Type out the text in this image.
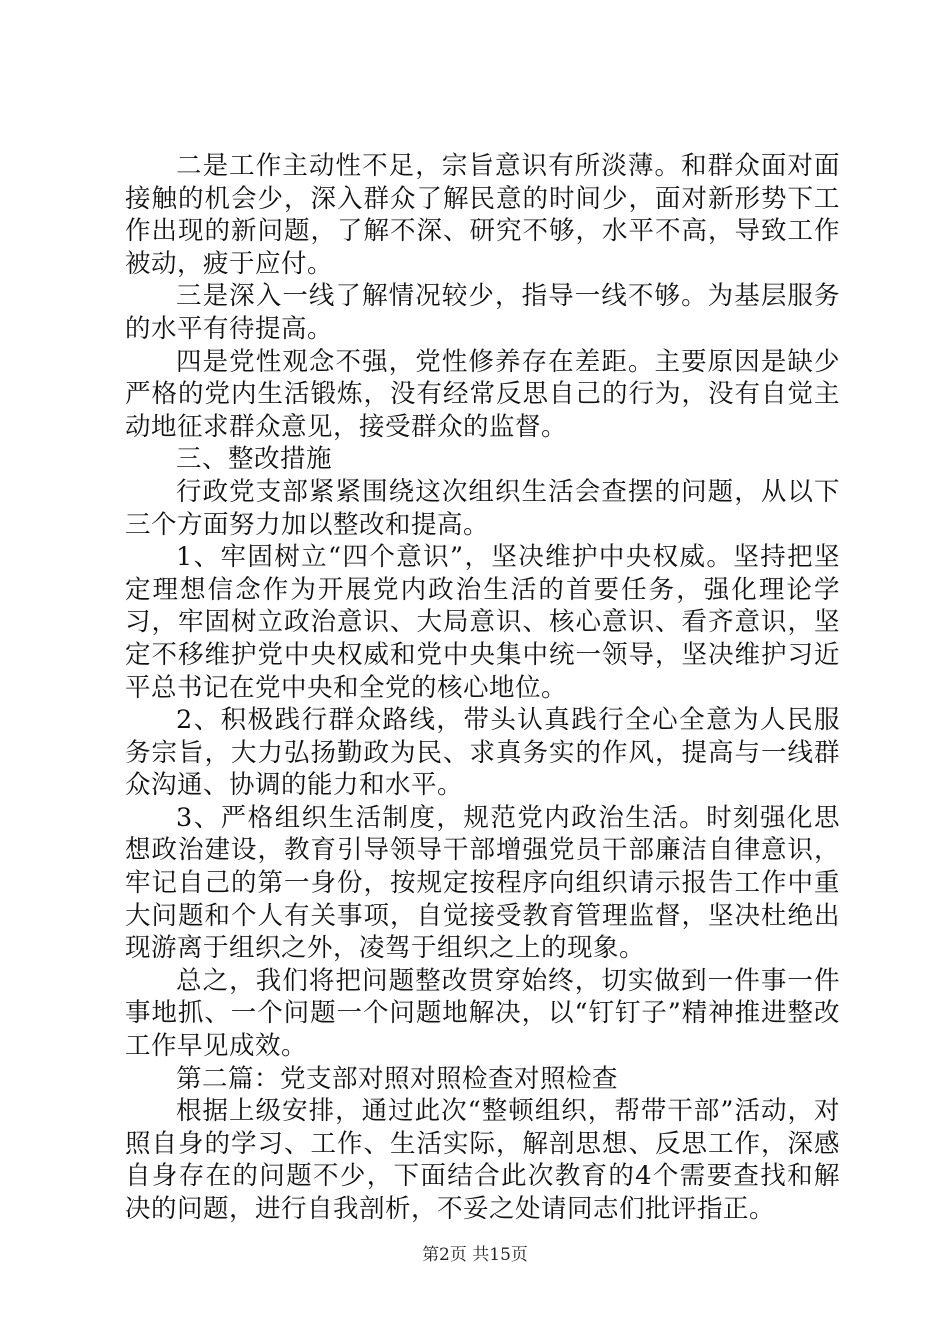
二是工作主动性不足，宗旨意识有所淡薄。和群众面对面接触的机会少，深入群众了解民意的时间少，面对新形势下工作出现的新问题，了解不深、研究不够，水平不高，导致工作被动，疲于应付。

三是深入一线了解情况较少，指导一线不够。为基层服务的水平有待提高。

四是党性观念不强，党性修养存在差距。主要原因是缺少严格的党内生活锻炼，没有经常反思自己的行为，没有自觉主动地征求群众意见，接受群众的监督。

三、整改措施

行政党支部紧紧围绕这次组织生活会查摆的问题，从以下三个方面努力加以整改和提高。

1、牢固树立“四个意识”，坚决维护中央权威。坚持把坚定理想信念作为开展党内政治生活的首要任务，强化理论学习，牢固树立政治意识、大局意识、核心意识、看齐意识，坚定不移维护党中央权威和党中央集中统一领导，坚决维护习近平总书记在党中央和全党的核心地位。

2、积极践行群众路线，带头认真践行全心全意为人民服务宗旨，大力弘扬勤政为民、求真务实的作风，提高与一线群众沟通、协调的能力和水平。

3、严格组织生活制度，规范党内政治生活。时刻强化思想政治建设，教育引导领导干部增强党员干部廉洁自律意识，牢记自己的第一身份，按规定按程序向组织请示报告工作中重大问题和个人有关事项，自觉接受教育管理监督，坚决杜绝出现游离于组织之外，凌驾于组织之上的现象。

总之，我们将把问题整改贯穿始终，切实做到一件事一件事地抓、一个问题一个问题地解决，以“钉钉子”精神推进整改工作早见成效。

第二篇：党支部对照对照检查对照检查

根据上级安排，通过此次“整顿组织，帮带干部”活动，对照自身的学习、工作、生活实际，解剖思想、反思工作，深感自身存在的问题不少，下面结合此次教育的4个需要查找和解决的问题，进行自我剖析，不妥之处请同志们批评指正。

第2页 共15页
